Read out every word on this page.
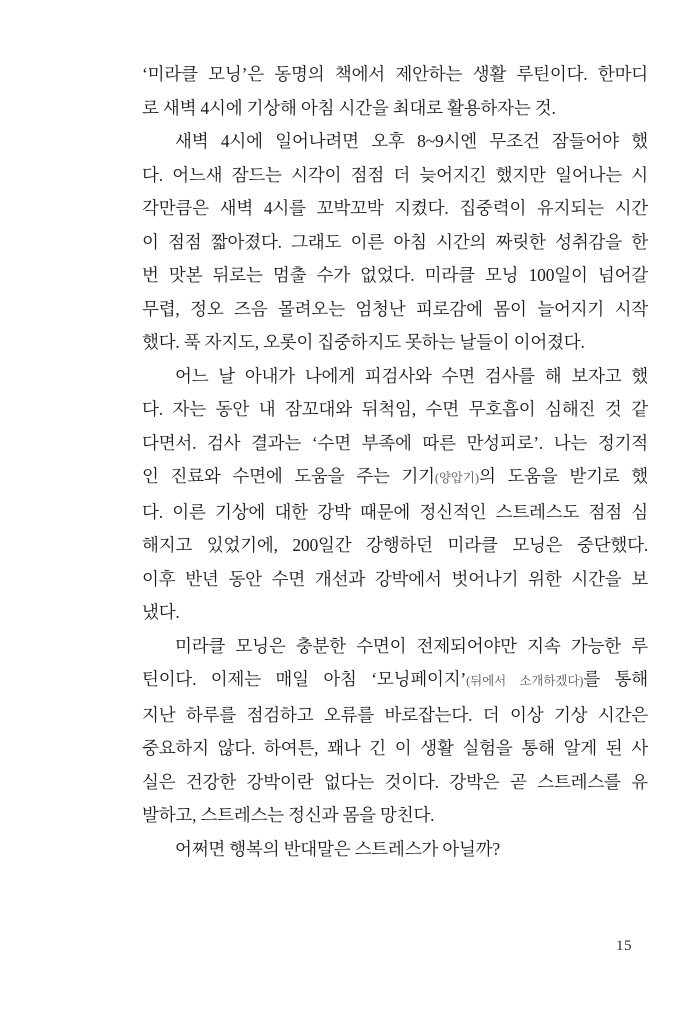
‘미라클 모닝’은 동명의 책에서 제안하는 생활 루틴이다. 한마디
로 새벽 4시에 기상해 아침 시간을 최대로 활용하자는 것.
새벽 4시에 일어나려면 오후 8~9시엔 무조건 잠들어야 했
다. 어느새 잠드는 시각이 점점 더 늦어지긴 했지만 일어나는 시
각만큼은 새벽 4시를 꼬박꼬박 지켰다. 집중력이 유지되는 시간
이 점점 짧아졌다. 그래도 이른 아침 시간의 짜릿한 성취감을 한
번 맛본 뒤로는 멈출 수가 없었다. 미라클 모닝 100일이 넘어갈
무렵, 정오 즈음 몰려오는 엄청난 피로감에 몸이 늘어지기 시작
했다. 푹 자지도, 오롯이 집중하지도 못하는 날들이 이어졌다.
어느 날 아내가 나에게 피검사와 수면 검사를 해 보자고 했
다. 자는 동안 내 잠꼬대와 뒤척임, 수면 무호흡이 심해진 것 같
다면서. 검사 결과는 ‘수면 부족에 따른 만성피로’. 나는 정기적
인 진료와 수면에 도움을 주는 기기(양압기)의 도움을 받기로 했
다. 이른 기상에 대한 강박 때문에 정신적인 스트레스도 점점 심
해지고 있었기에, 200일간 강행하던 미라클 모닝은 중단했다.
이후 반년 동안 수면 개선과 강박에서 벗어나기 위한 시간을 보
냈다.
미라클 모닝은 충분한 수면이 전제되어야만 지속 가능한 루
틴이다. 이제는 매일 아침 ‘모닝페이지’(뒤에서 소개하겠다)를 통해
지난 하루를 점검하고 오류를 바로잡는다. 더 이상 기상 시간은
중요하지 않다. 하여튼, 꽤나 긴 이 생활 실험을 통해 알게 된 사
실은 건강한 강박이란 없다는 것이다. 강박은 곧 스트레스를 유
발하고, 스트레스는 정신과 몸을 망친다.
어쩌면 행복의 반대말은 스트레스가 아닐까?
15
